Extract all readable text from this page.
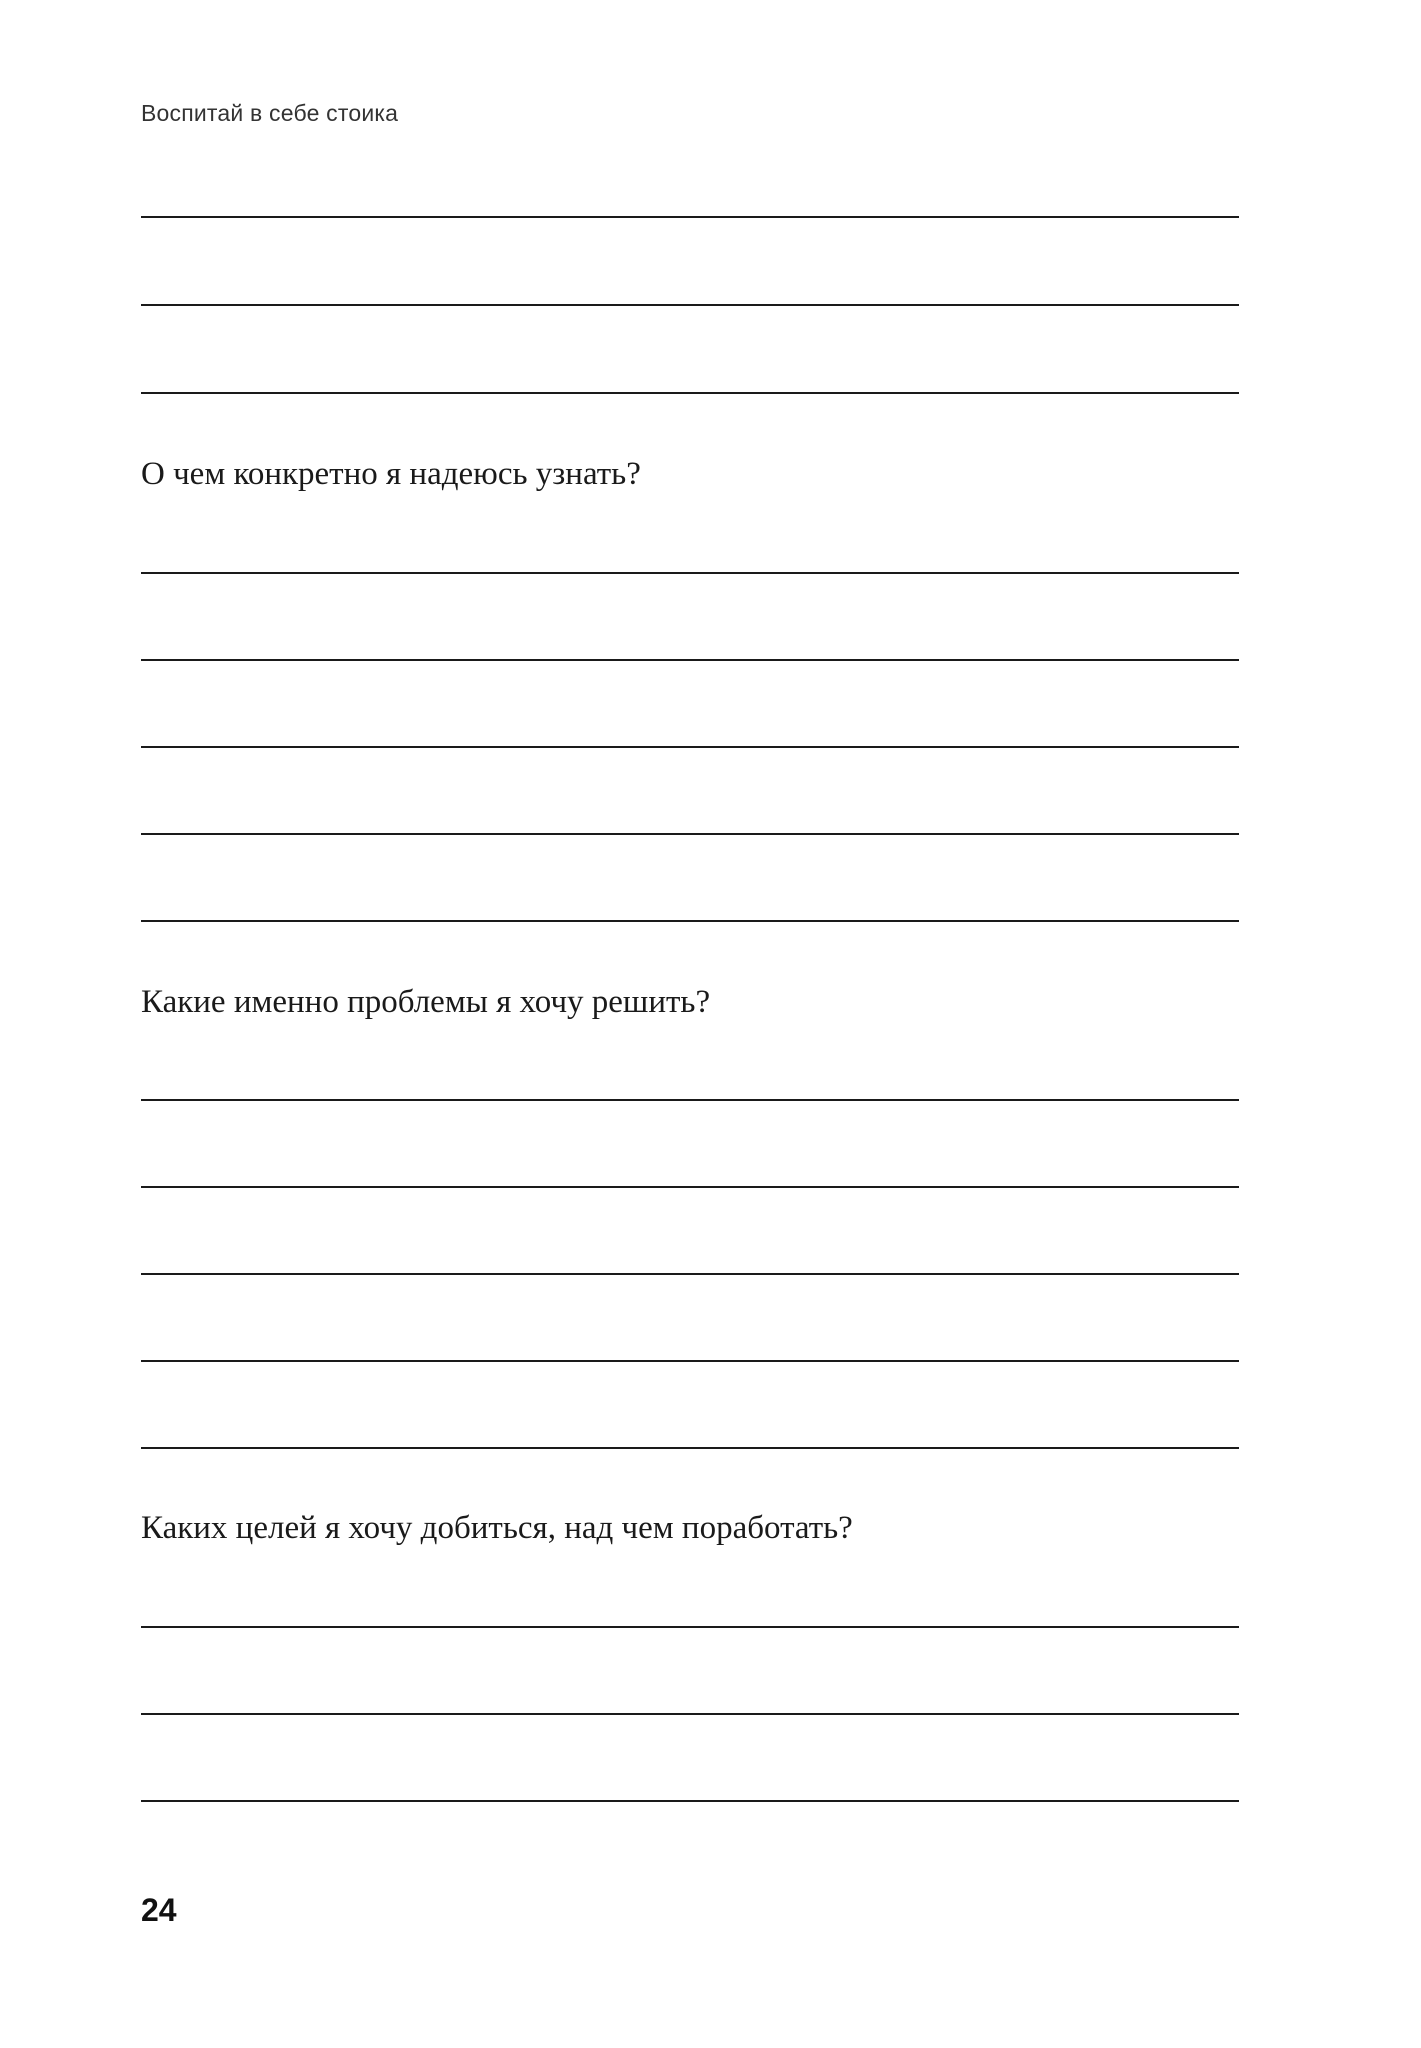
Воспитай в себе стоика
О чем конкретно я надеюсь узнать?
Какие именно проблемы я хочу решить?
Каких целей я хочу добиться, над чем поработать?
24
